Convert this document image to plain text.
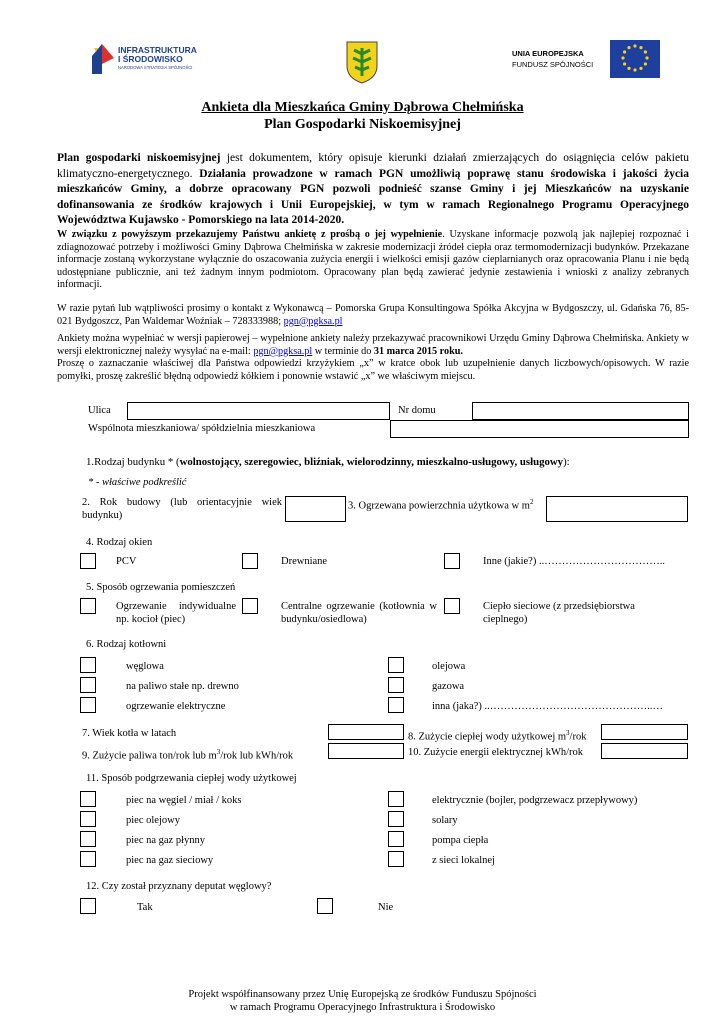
INFRASTRUKTURA
I ŚRODOWISKO
NARODOWA STRATEGIA SPÓJNOŚCI
UNIA EUROPEJSKA
FUNDUSZ SPÓJNOŚCI
Ankieta dla Mieszkańca Gminy Dąbrowa Chełmińska
Plan Gospodarki Niskoemisyjnej
Plan gospodarki niskoemisyjnej jest dokumentem, który opisuje kierunki działań zmierzających do osiągnięcia celów pakietu klimatyczno-energetycznego. Działania prowadzone w ramach PGN umożliwią poprawę stanu środowiska i jakości życia mieszkańców Gminy, a dobrze opracowany PGN pozwoli podnieść szanse Gminy i jej Mieszkańców na uzyskanie dofinansowania ze środków krajowych i Unii Europejskiej, w tym w ramach Regionalnego Programu Operacyjnego Województwa Kujawsko - Pomorskiego na lata 2014-2020.
W związku z powyższym przekazujemy Państwu ankietę z prośbą o jej wypełnienie. Uzyskane informacje pozwolą jak najlepiej rozpoznać i zdiagnozować potrzeby i możliwości Gminy Dąbrowa Chełmińska w zakresie modernizacji źródeł ciepła oraz termomodernizacji budynków. Przekazane informacje zostaną wykorzystane wyłącznie do oszacowania zużycia energii i wielkości emisji gazów cieplarnianych oraz opracowania Planu i nie będą udostępniane publicznie, ani też żadnym innym podmiotom. Opracowany plan będą zawierać jedynie zestawienia i wnioski z analizy zebranych informacji.
W razie pytań lub wątpliwości prosimy o kontakt z Wykonawcą – Pomorska Grupa Konsultingowa Spółka Akcyjna w Bydgoszczy, ul. Gdańska 76, 85-021 Bydgoszcz, Pan Waldemar Woźniak – 728333988; pgn@pgksa.pl
Ankiety można wypełniać w wersji papierowej – wypełnione ankiety należy przekazywać pracownikowi Urzędu Gminy Dąbrowa Chełmińska. Ankiety w wersji elektronicznej należy wysyłać na e-mail: pgn@pgksa.pl w terminie do 31 marca 2015 roku.
Proszę o zaznaczanie właściwej dla Państwa odpowiedzi krzyżykiem „x” w kratce obok lub uzupełnienie danych liczbowych/opisowych. W razie pomyłki, proszę zakreślić błędną odpowiedź kółkiem i ponownie wstawić „x” we właściwym miejscu.
Ulica	Nr domu
Wspólnota mieszkaniowa/ spółdzielnia mieszkaniowa
1.Rodzaj budynku * (wolnostojący, szeregowiec, bliźniak, wielorodzinny, mieszkalno-usługowy, usługowy):
* - właściwe podkreślić
2. Rok budowy (lub orientacyjnie wiek budynku)
3. Ogrzewana powierzchnia użytkowa w $m^2$
4. Rodzaj okien
PCV	Drewniane	Inne (jakie?) ..……………………………..
5. Sposób ogrzewania pomieszczeń
Ogrzewanie indywidualne np. kocioł (piec)
Centralne ogrzewanie (kotłownia w budynku/osiedlowa)
Ciepło sieciowe (z przedsiębiorstwa cieplnego)
6. Rodzaj kotłowni
węglowa
na paliwo stałe np. drewno
ogrzewanie elektryczne
olejowa
gazowa
inna (jaka?) ..………………………………………..…
7. Wiek kotła w latach	8. Zużycie ciepłej wody użytkowej $m^3$/rok
9. Zużycie paliwa ton/rok lub $m^3$/rok lub kWh/rok	10. Zużycie energii elektrycznej kWh/rok
11. Sposób podgrzewania ciepłej wody użytkowej
piec na węgiel / miał / koks
piec olejowy
piec na gaz płynny
piec na gaz sieciowy
elektrycznie (bojler, podgrzewacz przepływowy)
solary
pompa ciepła
z sieci lokalnej
12. Czy został przyznany deputat węglowy?
Tak	Nie
Projekt współfinansowany przez Unię Europejską ze środków Funduszu Spójności
w ramach Programu Operacyjnego Infrastruktura i Środowisko
